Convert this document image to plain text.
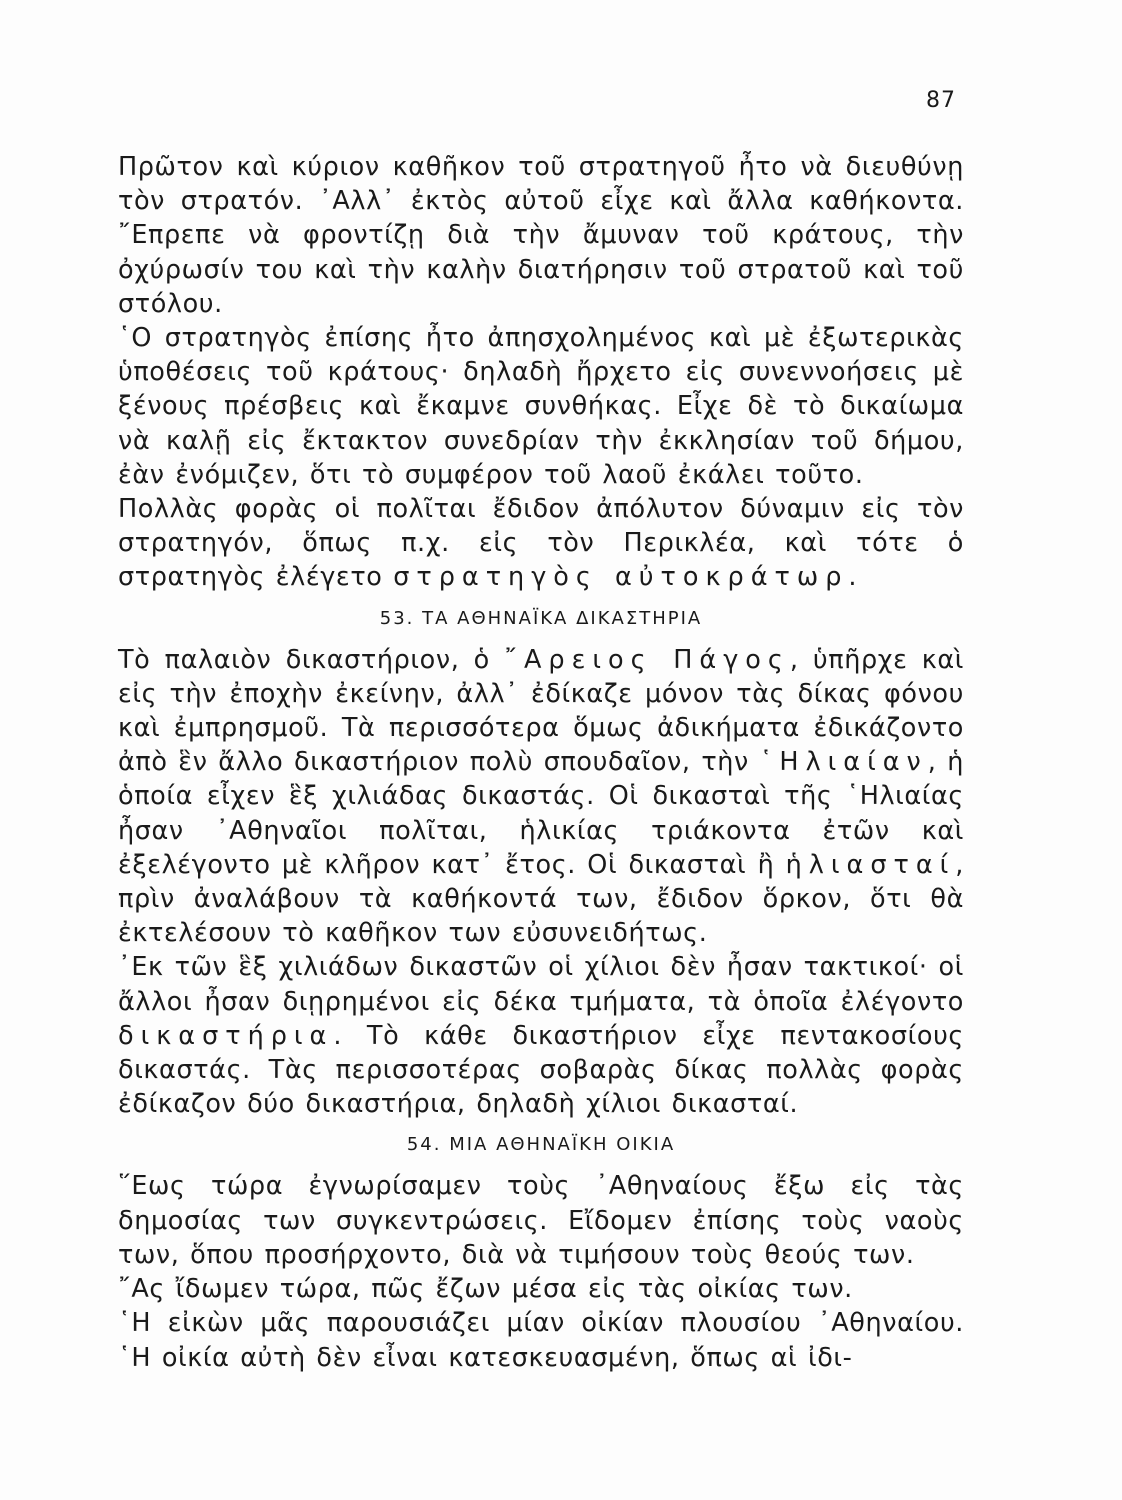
87

Πρῶτον καὶ κύριον καθῆκον τοῦ στρατηγοῦ ἦτο νὰ διευθύνῃ τὸν στρατόν. ᾿Αλλ᾿ ἐκτὸς αὐτοῦ εἶχε καὶ ἄλλα καθήκοντα. ῎Επρεπε νὰ φροντίζῃ διὰ τὴν ἄμυναν τοῦ κράτους, τὴν ὀχύρωσίν του καὶ τὴν καλὴν διατήρησιν τοῦ στρατοῦ καὶ τοῦ στόλου.

῾Ο στρατηγὸς ἐπίσης ἦτο ἀπησχολημένος καὶ μὲ ἐξωτερικὰς ὑποθέσεις τοῦ κράτους· δηλαδὴ ἤρχετο εἰς συνεννοήσεις μὲ ξένους πρέσβεις καὶ ἔκαμνε συνθήκας. Εἶχε δὲ τὸ δικαίωμα νὰ καλῇ εἰς ἔκτακτον συνεδρίαν τὴν ἐκκλησίαν τοῦ δήμου, ἐὰν ἐνόμιζεν, ὅτι τὸ συμφέρον τοῦ λαοῦ ἐκάλει τοῦτο.

Πολλὰς φορὰς οἱ πολῖται ἔδιδον ἀπόλυτον δύναμιν εἰς τὸν στρατηγόν, ὅπως π.χ. εἰς τὸν Περικλέα, καὶ τότε ὁ στρατηγὸς ἐλέγετο στρατηγὸς αὐτοκράτωρ.

53. ΤΑ ΑΘΗΝΑΪΚΑ ΔΙΚΑΣΤΗΡΙΑ

Τὸ παλαιὸν δικαστήριον, ὁ ῎Αρειος Πάγος, ὑπῆρχε καὶ εἰς τὴν ἐποχὴν ἐκείνην, ἀλλ᾿ ἐδίκαζε μόνον τὰς δίκας φόνου καὶ ἐμπρησμοῦ. Τὰ περισσότερα ὅμως ἀδικήματα ἐδικάζοντο ἀπὸ ἓν ἄλλο δικαστήριον πολὺ σπουδαῖον, τὴν ῾Ηλιαίαν, ἡ ὁποία εἶχεν ἓξ χιλιάδας δικαστάς. Οἱ δικασταὶ τῆς ῾Ηλιαίας ἦσαν ᾿Αθηναῖοι πολῖται, ἡλικίας τριάκοντα ἐτῶν καὶ ἐξελέγοντο μὲ κλῆρον κατ᾿ ἔτος. Οἱ δικασταὶ ἢ ἡλιασταί, πρὶν ἀναλάβουν τὰ καθήκοντά των, ἔδιδον ὅρκον, ὅτι θὰ ἐκτελέσουν τὸ καθῆκον των εὐσυνειδήτως.

᾿Εκ τῶν ἓξ χιλιάδων δικαστῶν οἱ χίλιοι δὲν ἦσαν τακτικοί· οἱ ἄλλοι ἦσαν διῃρημένοι εἰς δέκα τμήματα, τὰ ὁποῖα ἐλέγοντο δικαστήρια. Τὸ κάθε δικαστήριον εἶχε πεντακοσίους δικαστάς. Τὰς περισσοτέρας σοβαρὰς δίκας πολλὰς φορὰς ἐδίκαζον δύο δικαστήρια, δηλαδὴ χίλιοι δικασταί.

54. ΜΙΑ ΑΘΗΝΑΪΚΗ ΟΙΚΙΑ

῞Εως τώρα ἐγνωρίσαμεν τοὺς ᾿Αθηναίους ἔξω εἰς τὰς δημοσίας των συγκεντρώσεις. Εἴδομεν ἐπίσης τοὺς ναοὺς των, ὅπου προσήρχοντο, διὰ νὰ τιμήσουν τοὺς θεούς των.

῎Ας ἴδωμεν τώρα, πῶς ἔζων μέσα εἰς τὰς οἰκίας των.

῾Η εἰκὼν μᾶς παρουσιάζει μίαν οἰκίαν πλουσίου ᾿Αθηναίου. ῾Η οἰκία αὐτὴ δὲν εἶναι κατεσκευασμένη, ὅπως αἱ ἰδι-
